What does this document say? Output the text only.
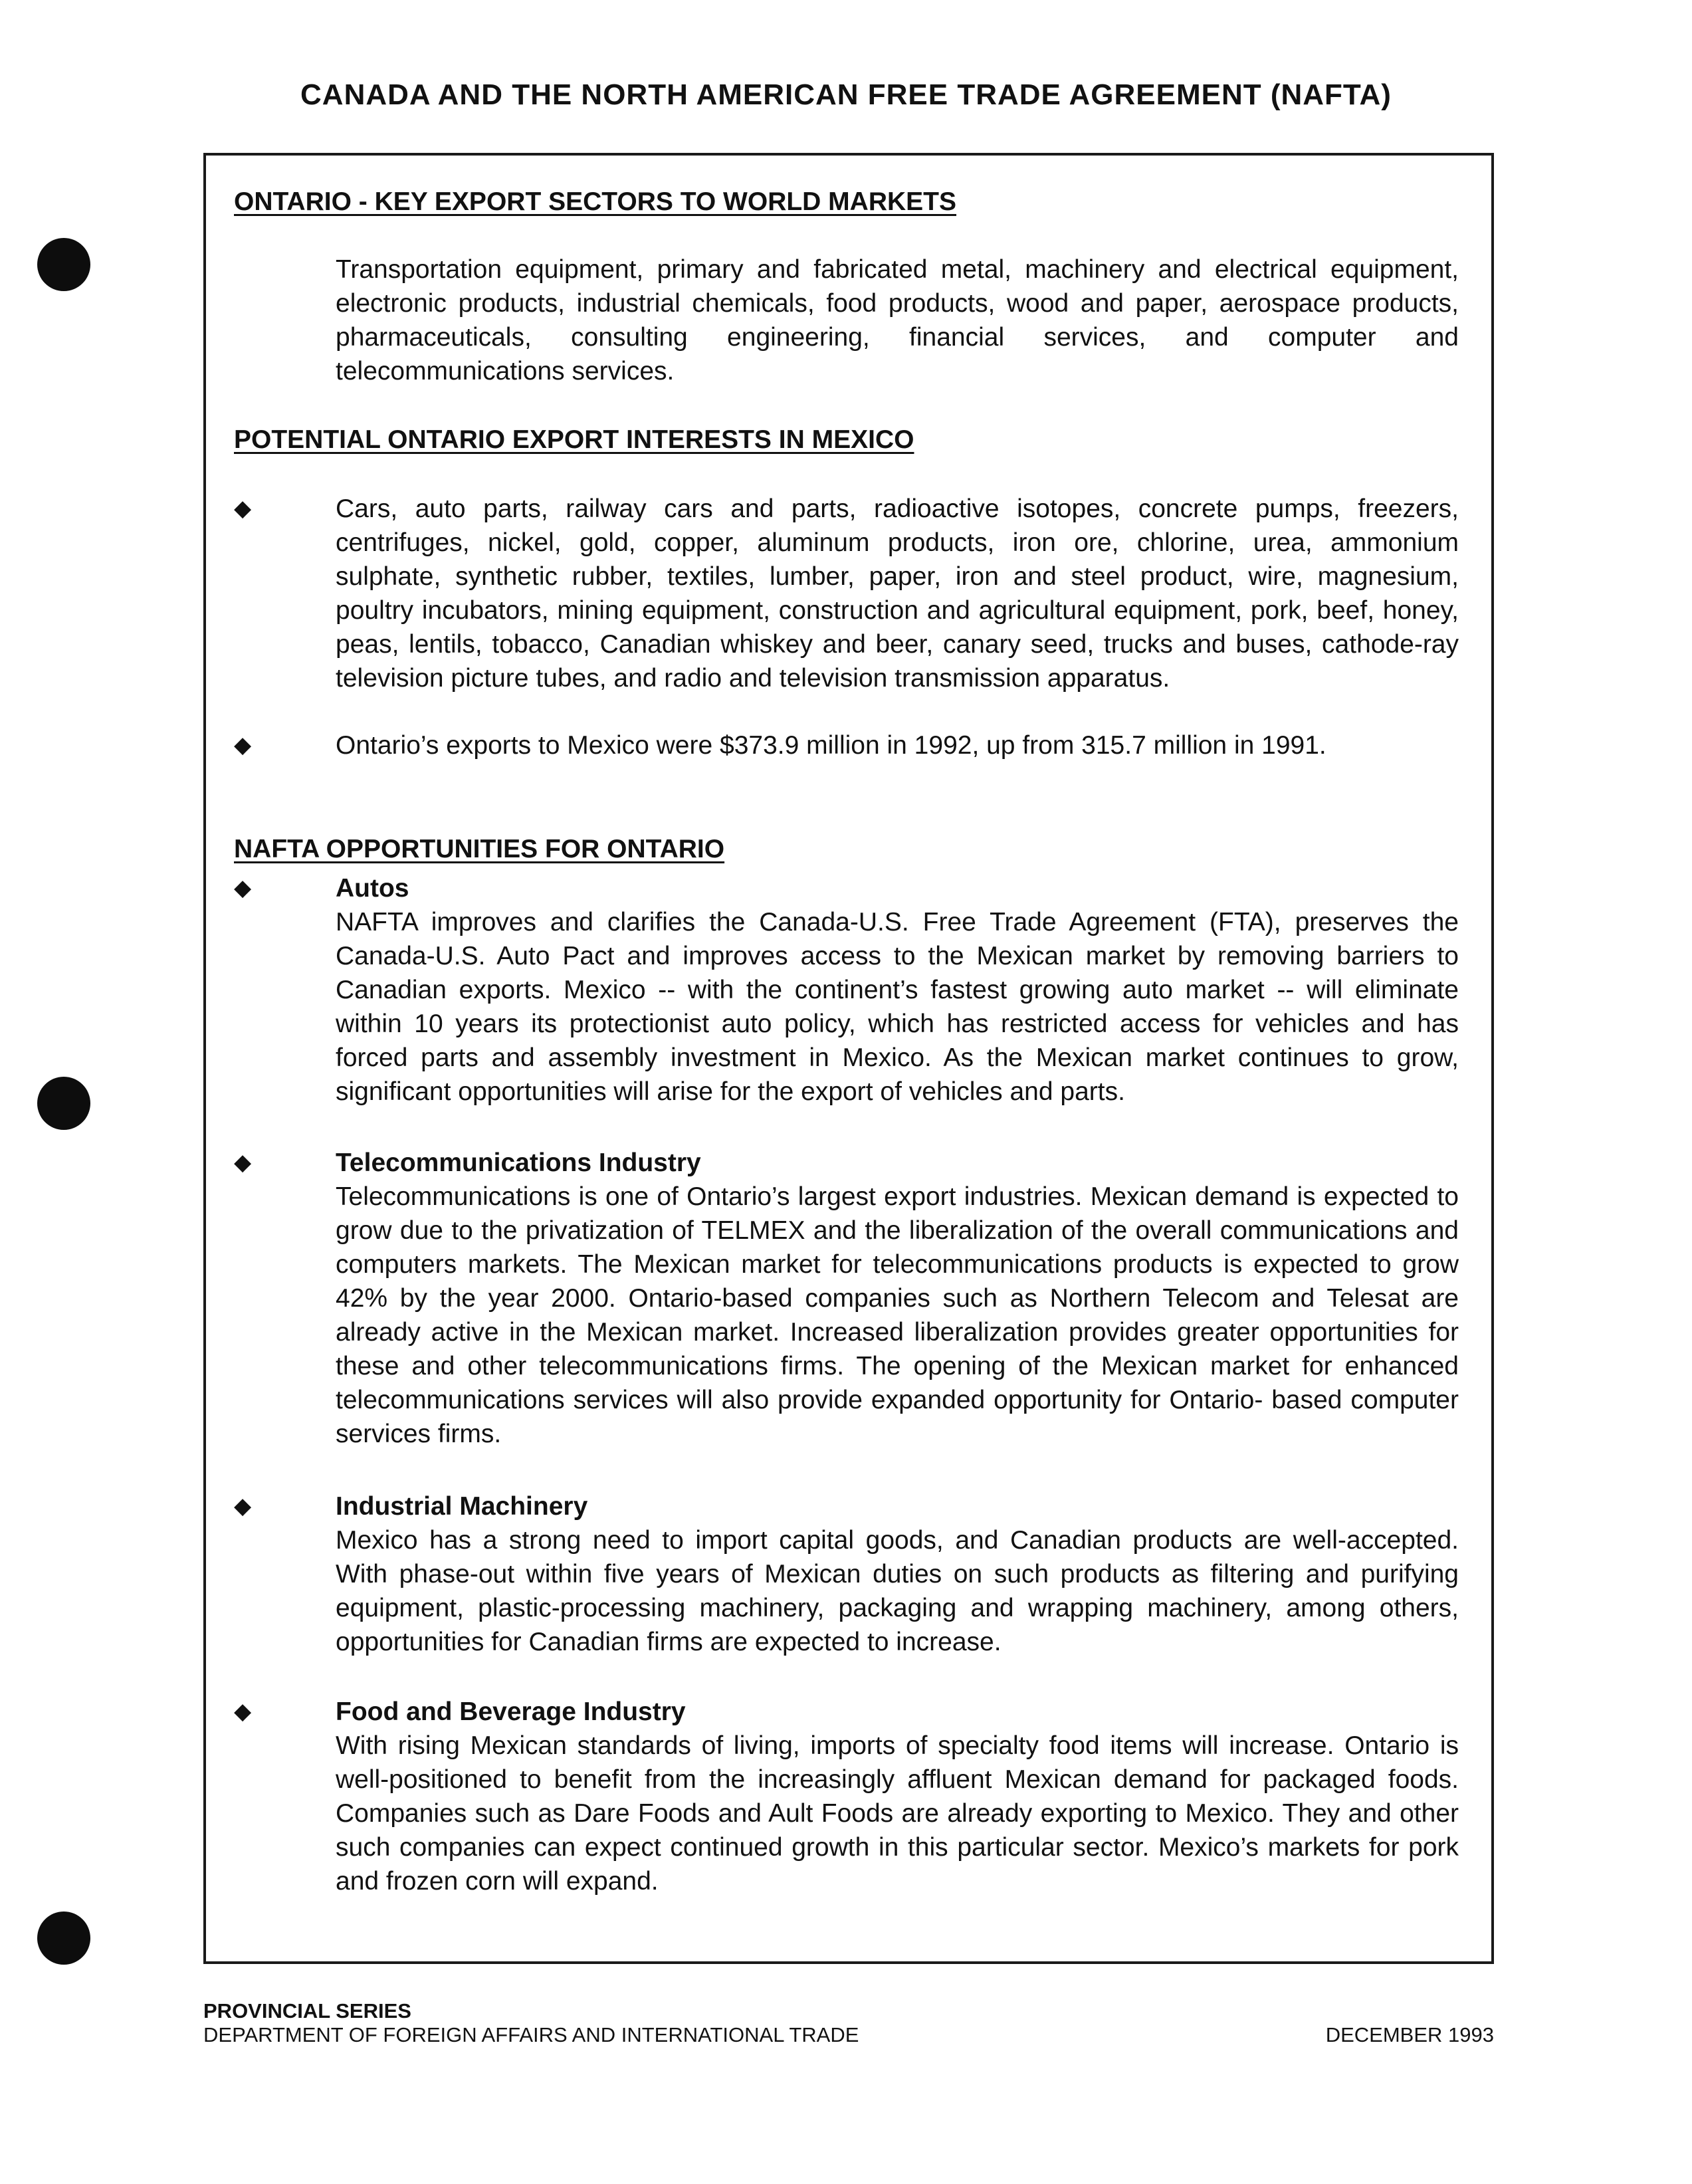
CANADA AND THE NORTH AMERICAN FREE TRADE AGREEMENT (NAFTA)
ONTARIO - KEY EXPORT SECTORS TO WORLD MARKETS

Transportation equipment, primary and fabricated metal, machinery and electrical equipment, electronic products, industrial chemicals, food products, wood and paper, aerospace products, pharmaceuticals, consulting engineering, financial services, and computer and telecommunications services.

POTENTIAL ONTARIO EXPORT INTERESTS IN MEXICO
◆	Cars, auto parts, railway cars and parts, radioactive isotopes, concrete pumps, freezers, centrifuges, nickel, gold, copper, aluminum products, iron ore, chlorine, urea, ammonium sulphate, synthetic rubber, textiles, lumber, paper, iron and steel product, wire, magnesium, poultry incubators, mining equipment, construction and agricultural equipment, pork, beef, honey, peas, lentils, tobacco, Canadian whiskey and beer, canary seed, trucks and buses, cathode-ray television picture tubes, and radio and television transmission apparatus.

◆	Ontario’s exports to Mexico were $373.9 million in 1992, up from 315.7 million in 1991.

NAFTA OPPORTUNITIES FOR ONTARIO
◆	Autos

NAFTA improves and clarifies the Canada-U.S. Free Trade Agreement (FTA), preserves the Canada-U.S. Auto Pact and improves access to the Mexican market by removing barriers to Canadian exports. Mexico -- with the continent’s fastest growing auto market -- will eliminate within 10 years its protectionist auto policy, which has restricted access for vehicles and has forced parts and assembly investment in Mexico. As the Mexican market continues to grow, significant opportunities will arise for the export of vehicles and parts.

◆	Telecommunications Industry

Telecommunications is one of Ontario’s largest export industries. Mexican demand is expected to grow due to the privatization of TELMEX and the liberalization of the overall communications and computers markets. The Mexican market for telecommunications products is expected to grow 42% by the year 2000. Ontario-based companies such as Northern Telecom and Telesat are already active in the Mexican market. Increased liberalization provides greater opportunities for these and other telecommunications firms. The opening of the Mexican market for enhanced telecommunications services will also provide expanded opportunity for Ontario- based computer services firms.

◆	Industrial Machinery

Mexico has a strong need to import capital goods, and Canadian products are well-accepted. With phase-out within five years of Mexican duties on such products as filtering and purifying equipment, plastic-processing machinery, packaging and wrapping machinery, among others, opportunities for Canadian firms are expected to increase.

◆	Food and Beverage Industry

With rising Mexican standards of living, imports of specialty food items will increase. Ontario is well-positioned to benefit from the increasingly affluent Mexican demand for packaged foods. Companies such as Dare Foods and Ault Foods are already exporting to Mexico. They and other such companies can expect continued growth in this particular sector. Mexico’s markets for pork and frozen corn will expand.

PROVINCIAL SERIES

DEPARTMENT OF FOREIGN AFFAIRS AND INTERNATIONAL TRADE	DECEMBER 1993
